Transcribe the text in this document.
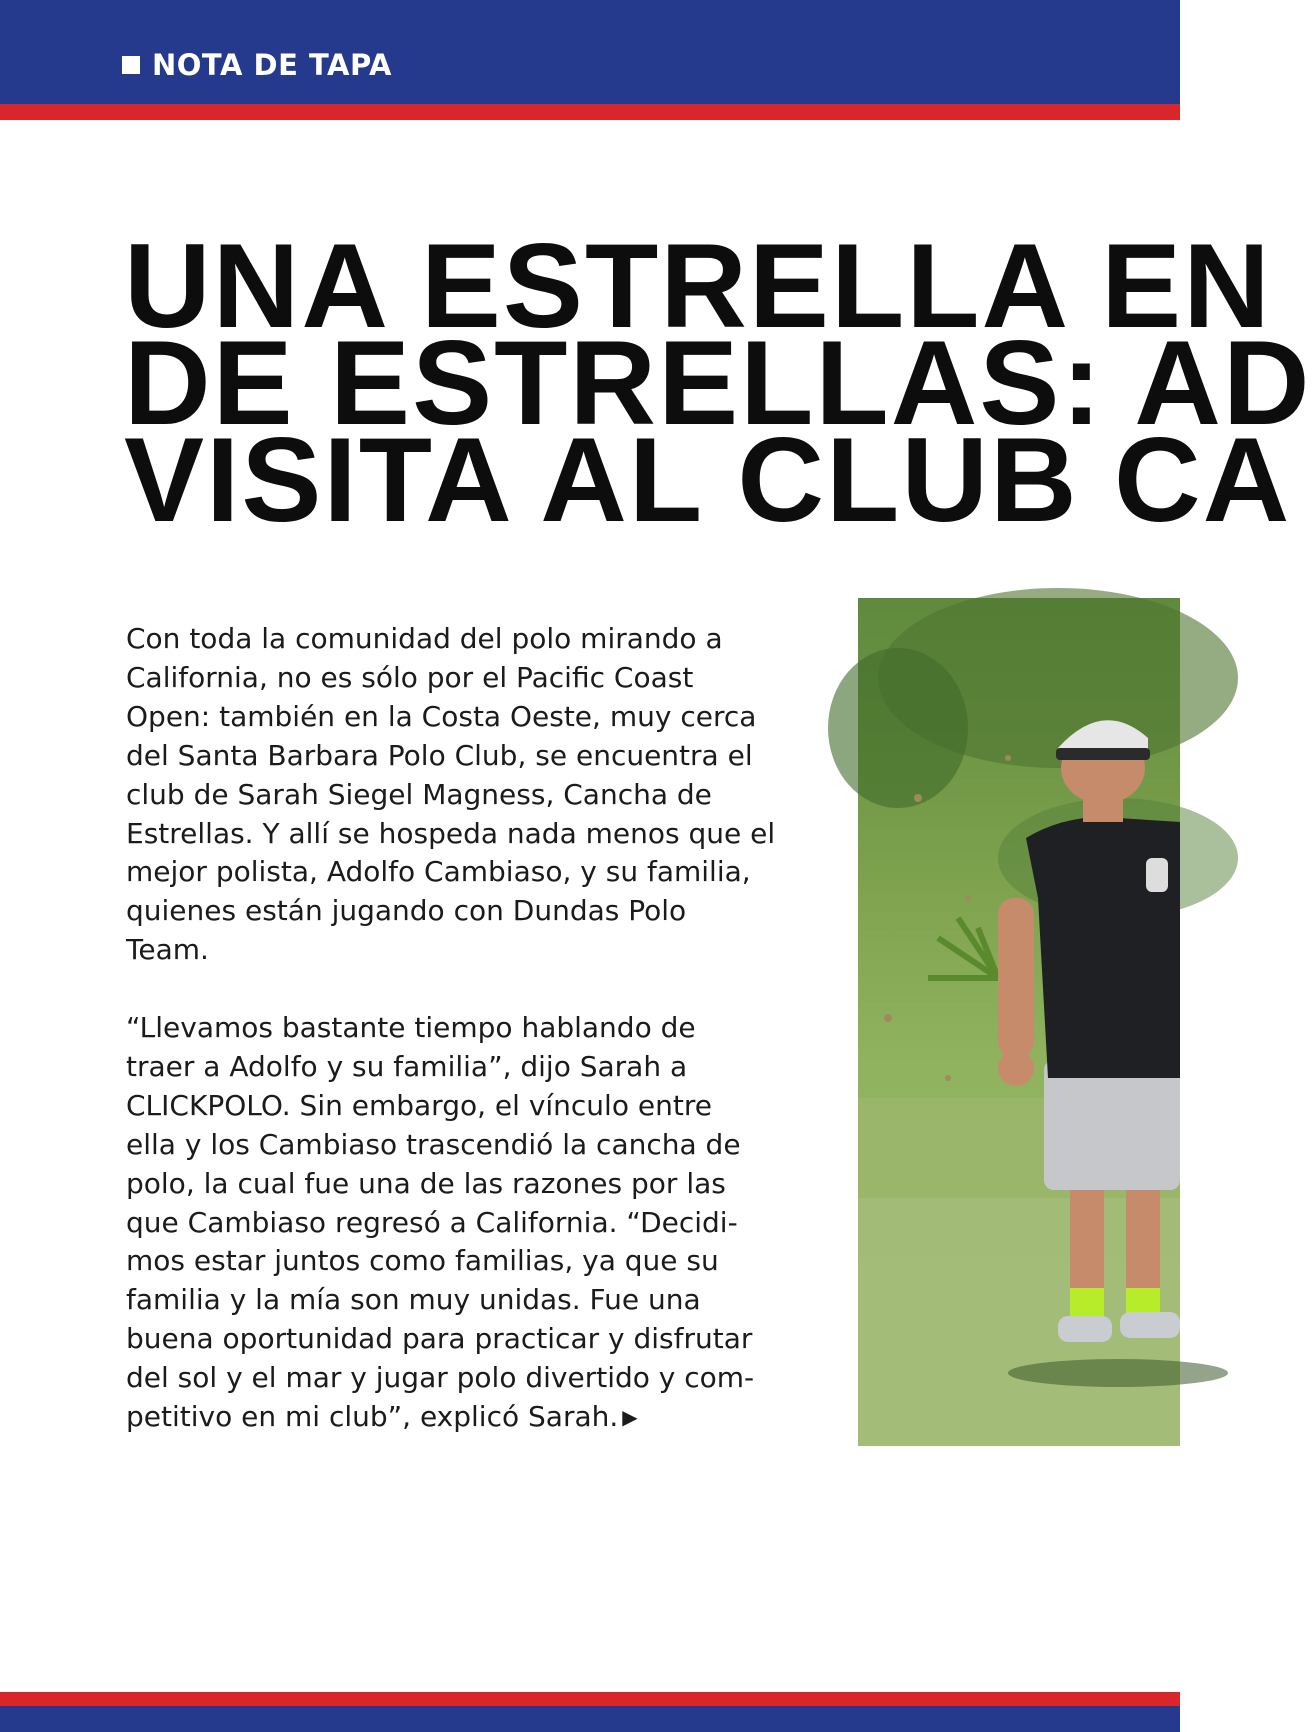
NOTA DE TAPA
UNA ESTRELLA EN
DE ESTRELLAS: AD
VISITA AL CLUB CA

Con toda la comunidad del polo mirando a

California, no es sólo por el Pacific Coast

Open: también en la Costa Oeste, muy cerca

del Santa Barbara Polo Club, se encuentra el

club de Sarah Siegel Magness, Cancha de

Estrellas. Y allí se hospeda nada menos que el

mejor polista, Adolfo Cambiaso, y su familia,

quienes están jugando con Dundas Polo

Team.

“Llevamos bastante tiempo hablando de

traer a Adolfo y su familia”, dijo Sarah a

CLICKPOLO. Sin embargo, el vínculo entre

ella y los Cambiaso trascendió la cancha de

polo, la cual fue una de las razones por las

que Cambiaso regresó a California. “Decidi-

mos estar juntos como familias, ya que su

familia y la mía son muy unidas. Fue una

buena oportunidad para practicar y disfrutar

del sol y el mar y jugar polo divertido y com-

petitivo en mi club”, explicó Sarah. ▶
